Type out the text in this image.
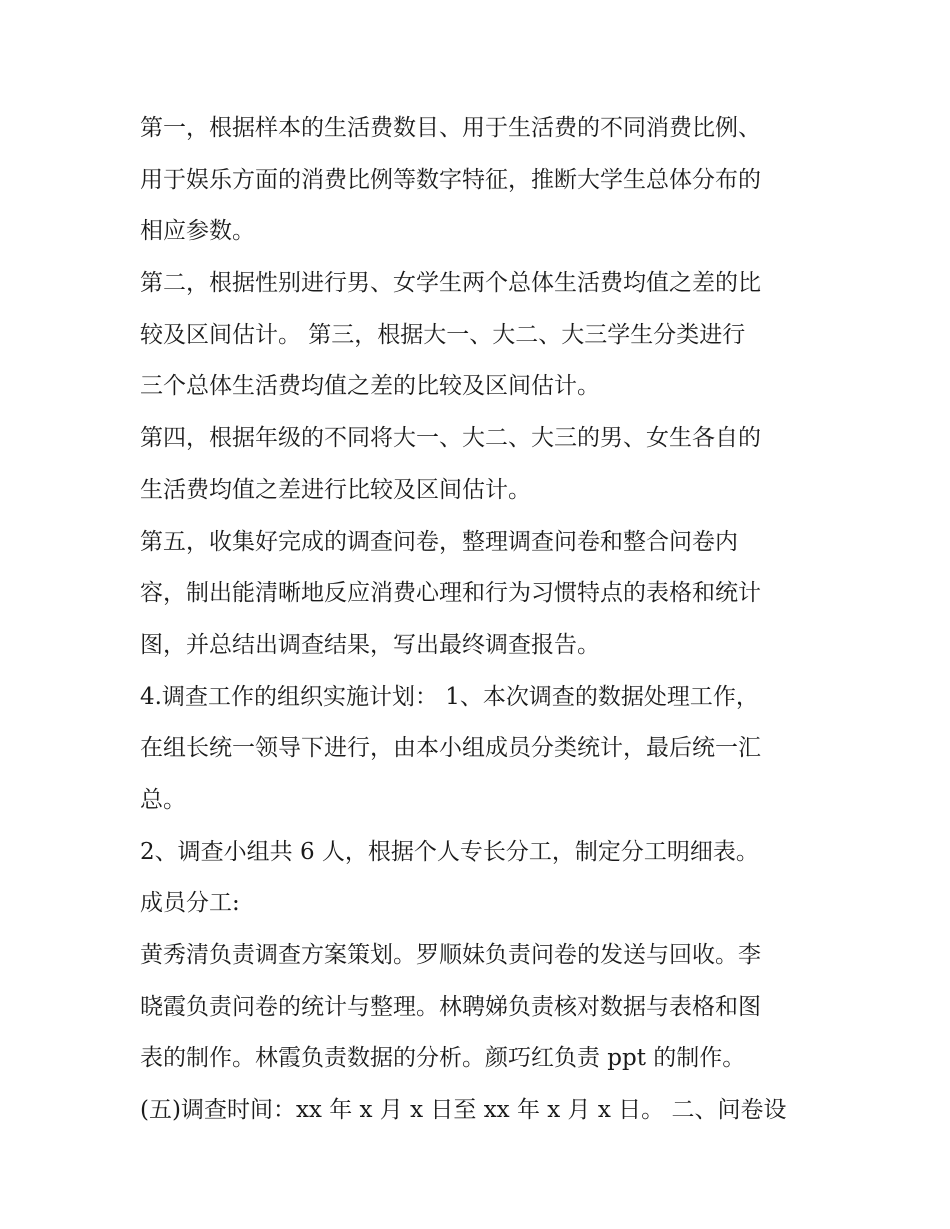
第一，根据样本的生活费数目、用于生活费的不同消费比例、
用于娱乐方面的消费比例等数字特征，推断大学生总体分布的
相应参数。
第二，根据性别进行男、女学生两个总体生活费均值之差的比
较及区间估计。 第三，根据大一、大二、大三学生分类进行
三个总体生活费均值之差的比较及区间估计。
第四，根据年级的不同将大一、大二、大三的男、女生各自的
生活费均值之差进行比较及区间估计。
第五，收集好完成的调查问卷，整理调查问卷和整合问卷内
容，制出能清晰地反应消费心理和行为习惯特点的表格和统计
图，并总结出调查结果，写出最终调查报告。
4.调查工作的组织实施计划： 1、本次调查的数据处理工作，
在组长统一领导下进行，由本小组成员分类统计，最后统一汇
总。
2、调查小组共 6 人，根据个人专长分工，制定分工明细表。
成员分工:
黄秀清负责调查方案策划。罗顺妹负责问卷的发送与回收。李
晓霞负责问卷的统计与整理。林聘娣负责核对数据与表格和图
表的制作。林霞负责数据的分析。颜巧红负责 ppt 的制作。
(五)调查时间：xx 年 x 月 x 日至 xx 年 x 月 x 日。 二、问卷设
